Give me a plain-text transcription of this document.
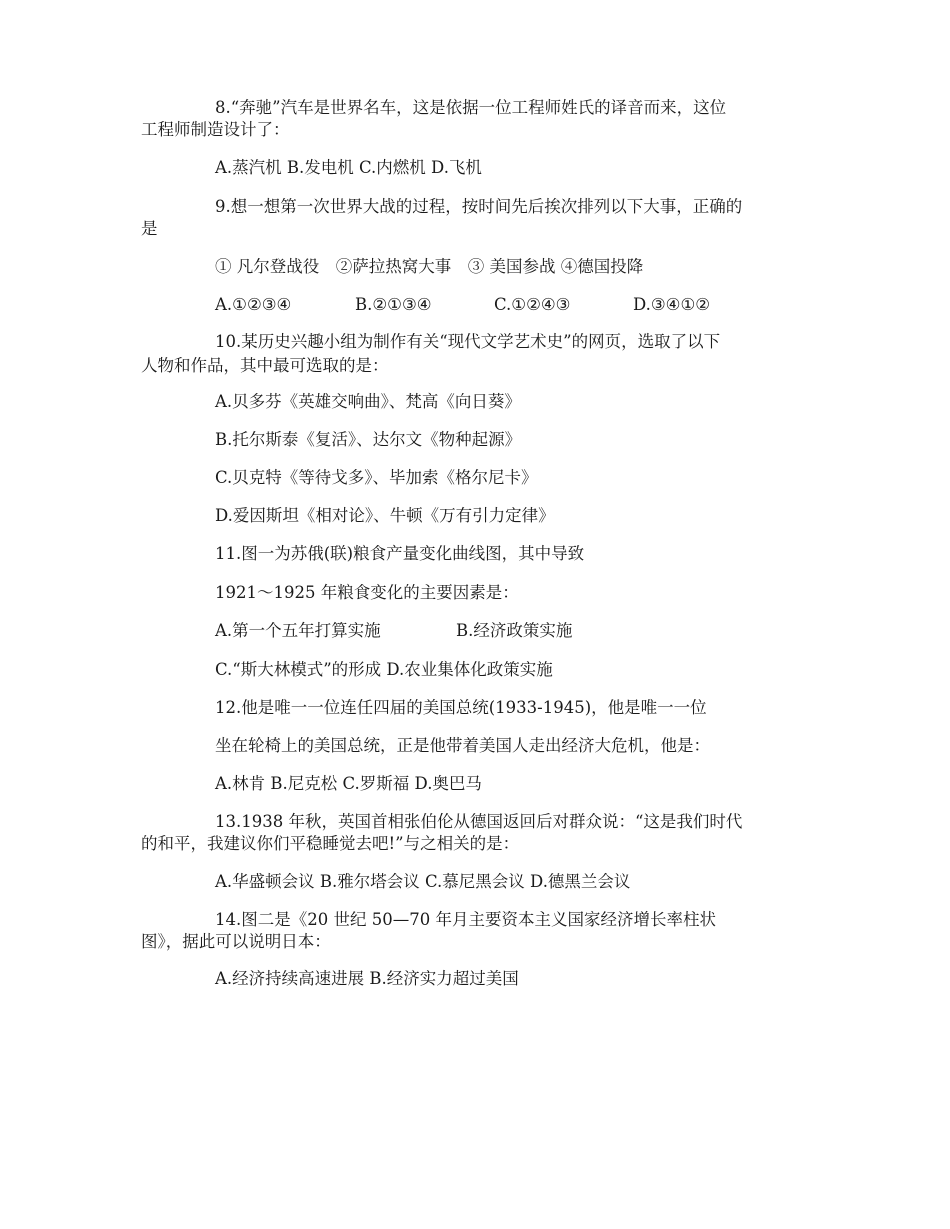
8.“奔驰”汽车是世界名车，这是依据一位工程师姓氏的译音而来，这位
工程师制造设计了：
A.蒸汽机 B.发电机 C.内燃机 D.飞机
9.想一想第一次世界大战的过程，按时间先后挨次排列以下大事，正确的
是
① 凡尔登战役　②萨拉热窝大事　③ 美国参战 ④德国投降
A.①②③④	B.②①③④	C.①②④③	D.③④①②
10.某历史兴趣小组为制作有关“现代文学艺术史”的网页，选取了以下
人物和作品，其中最可选取的是：
A.贝多芬《英雄交响曲》、梵高《向日葵》
B.托尔斯泰《复活》、达尔文《物种起源》
C.贝克特《等待戈多》、毕加索《格尔尼卡》
D.爱因斯坦《相对论》、牛顿《万有引力定律》
11.图一为苏俄(联)粮食产量变化曲线图，其中导致
1921～1925 年粮食变化的主要因素是：
A.第一个五年打算实施	B.经济政策实施
C.“斯大林模式”的形成 D.农业集体化政策实施
12.他是唯一一位连任四届的美国总统(1933-1945)，他是唯一一位
坐在轮椅上的美国总统，正是他带着美国人走出经济大危机，他是：
A.林肯 B.尼克松 C.罗斯福 D.奥巴马
13.1938 年秋，英国首相张伯伦从德国返回后对群众说：“这是我们时代
的和平，我建议你们平稳睡觉去吧!”与之相关的是：
A.华盛顿会议 B.雅尔塔会议 C.慕尼黑会议 D.德黑兰会议
14.图二是《20 世纪 50—70 年月主要资本主义国家经济增长率柱状
图》，据此可以说明日本：
A.经济持续高速进展 B.经济实力超过美国
